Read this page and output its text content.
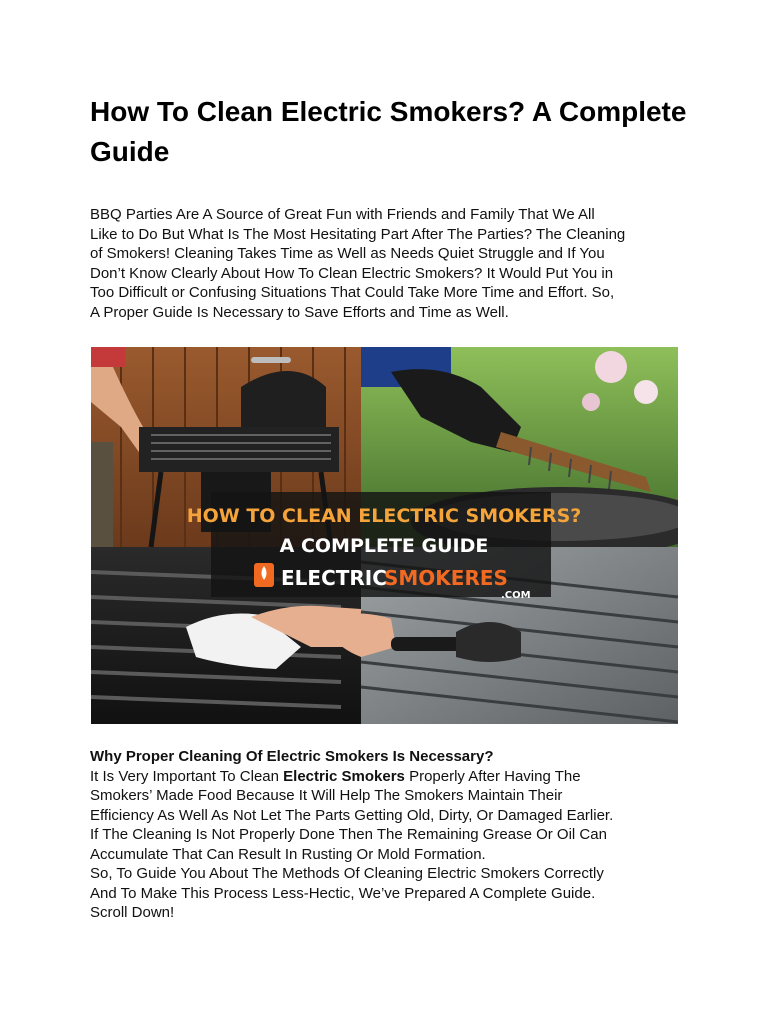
How To Clean Electric Smokers? A Complete Guide

BBQ Parties Are A Source of Great Fun with Friends and Family That We All
Like to Do But What Is The Most Hesitating Part After The Parties? The Cleaning
of Smokers! Cleaning Takes Time as Well as Needs Quiet Struggle and If You
Don’t Know Clearly About How To Clean Electric Smokers? It Would Put You in
Too Difficult or Confusing Situations That Could Take More Time and Effort. So,
A Proper Guide Is Necessary to Save Efforts and Time as Well.

HOW TO CLEAN ELECTRIC SMOKERS?
A COMPLETE GUIDE
ELECTRIC
SMOKERES
.COM
Why Proper Cleaning Of Electric Smokers Is Necessary?
It Is Very Important To Clean Electric Smokers Properly After Having The
Smokers’ Made Food Because It Will Help The Smokers Maintain Their
Efficiency As Well As Not Let The Parts Getting Old, Dirty, Or Damaged Earlier.
If The Cleaning Is Not Properly Done Then The Remaining Grease Or Oil Can
Accumulate That Can Result In Rusting Or Mold Formation.
So, To Guide You About The Methods Of Cleaning Electric Smokers Correctly
And To Make This Process Less-Hectic, We’ve Prepared A Complete Guide.
Scroll Down!
